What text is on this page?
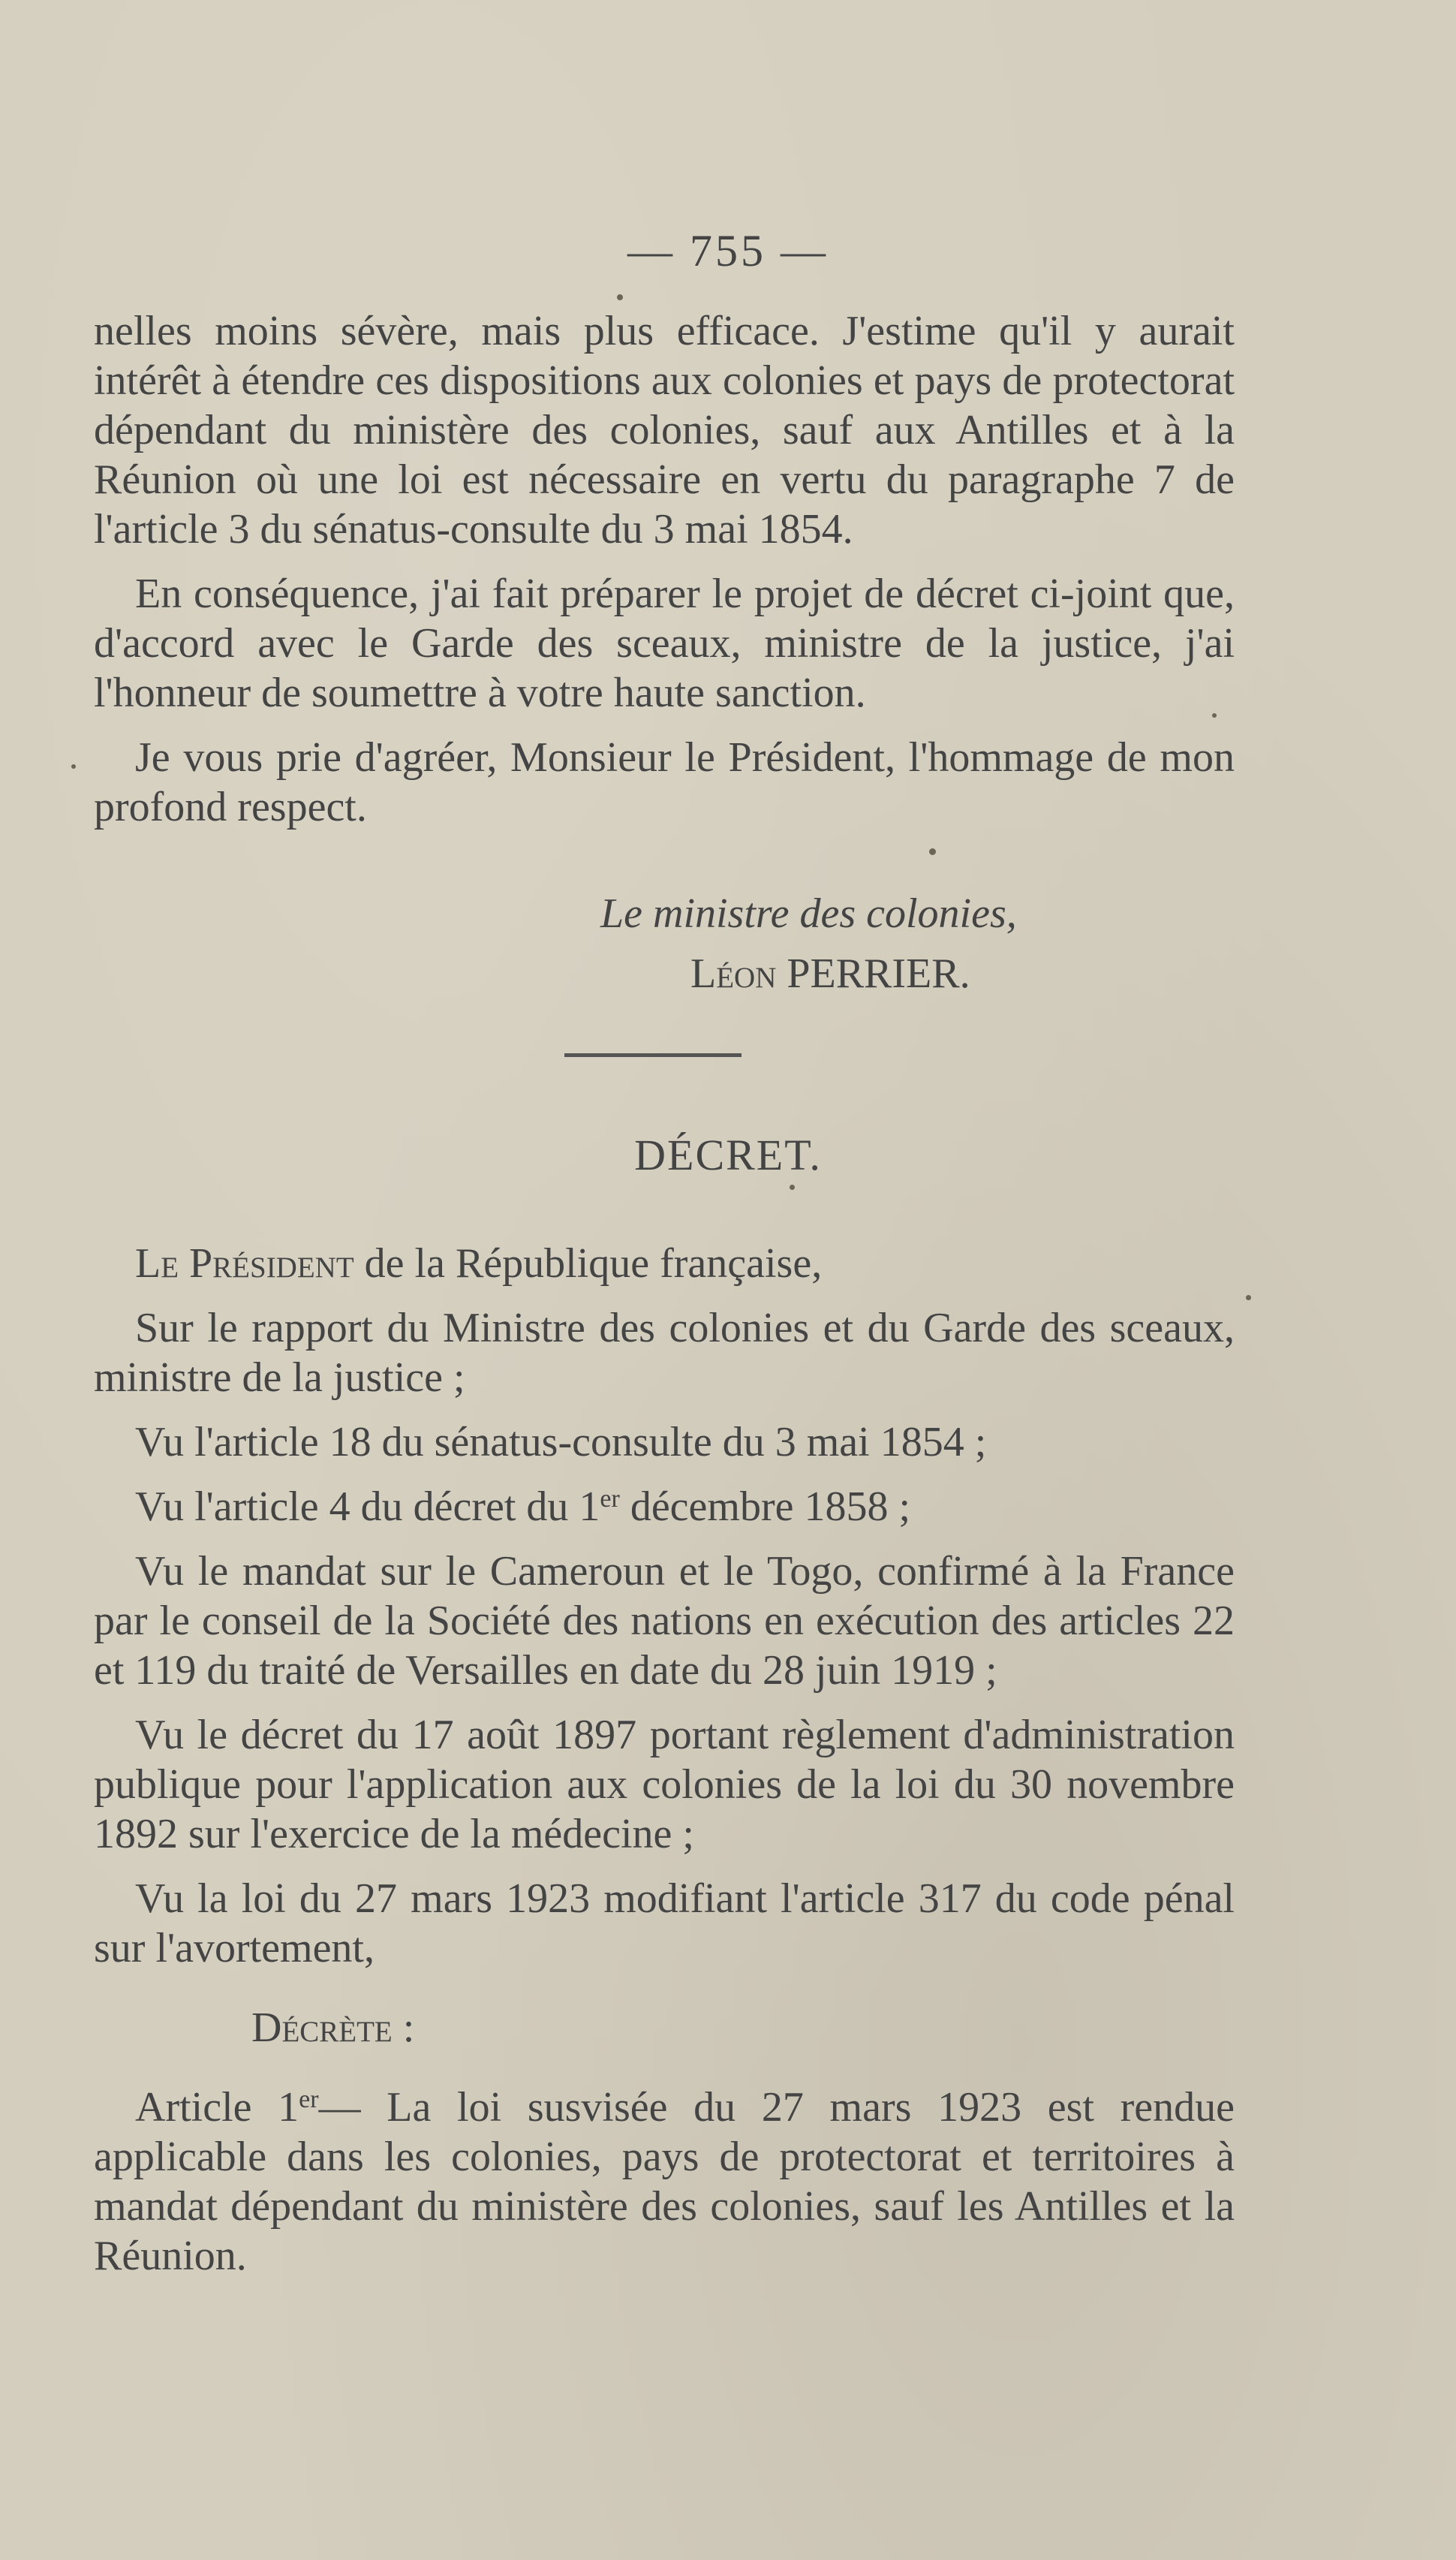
— 755 —

nelles moins sévère, mais plus efficace. J'estime qu'il y aurait intérêt à étendre ces dispositions aux colonies et pays de protectorat dépendant du ministère des colonies, sauf aux Antilles et à la Réunion où une loi est nécessaire en vertu du paragraphe 7 de l'article 3 du sénatus-consulte du 3 mai 1854.

En conséquence, j'ai fait préparer le projet de décret ci-joint que, d'accord avec le Garde des sceaux, ministre de la justice, j'ai l'honneur de soumettre à votre haute sanction.

Je vous prie d'agréer, Monsieur le Président, l'hommage de mon profond respect.

Le ministre des colonies,
Léon PERRIER.
DÉCRET.

Le Président de la République française,

Sur le rapport du Ministre des colonies et du Garde des sceaux, ministre de la justice ;

Vu l'article 18 du sénatus-consulte du 3 mai 1854 ;

Vu l'article 4 du décret du 1er décembre 1858 ;

Vu le mandat sur le Cameroun et le Togo, confirmé à la France par le conseil de la Société des nations en exécution des articles 22 et 119 du traité de Versailles en date du 28 juin 1919 ;

Vu le décret du 17 août 1897 portant règlement d'administration publique pour l'application aux colonies de la loi du 30 novembre 1892 sur l'exercice de la médecine ;

Vu la loi du 27 mars 1923 modifiant l'article 317 du code pénal sur l'avortement,

Décrète :

Article 1er— La loi susvisée du 27 mars 1923 est rendue applicable dans les colonies, pays de protectorat et territoires à mandat dépendant du ministère des colonies, sauf les Antilles et la Réunion.
